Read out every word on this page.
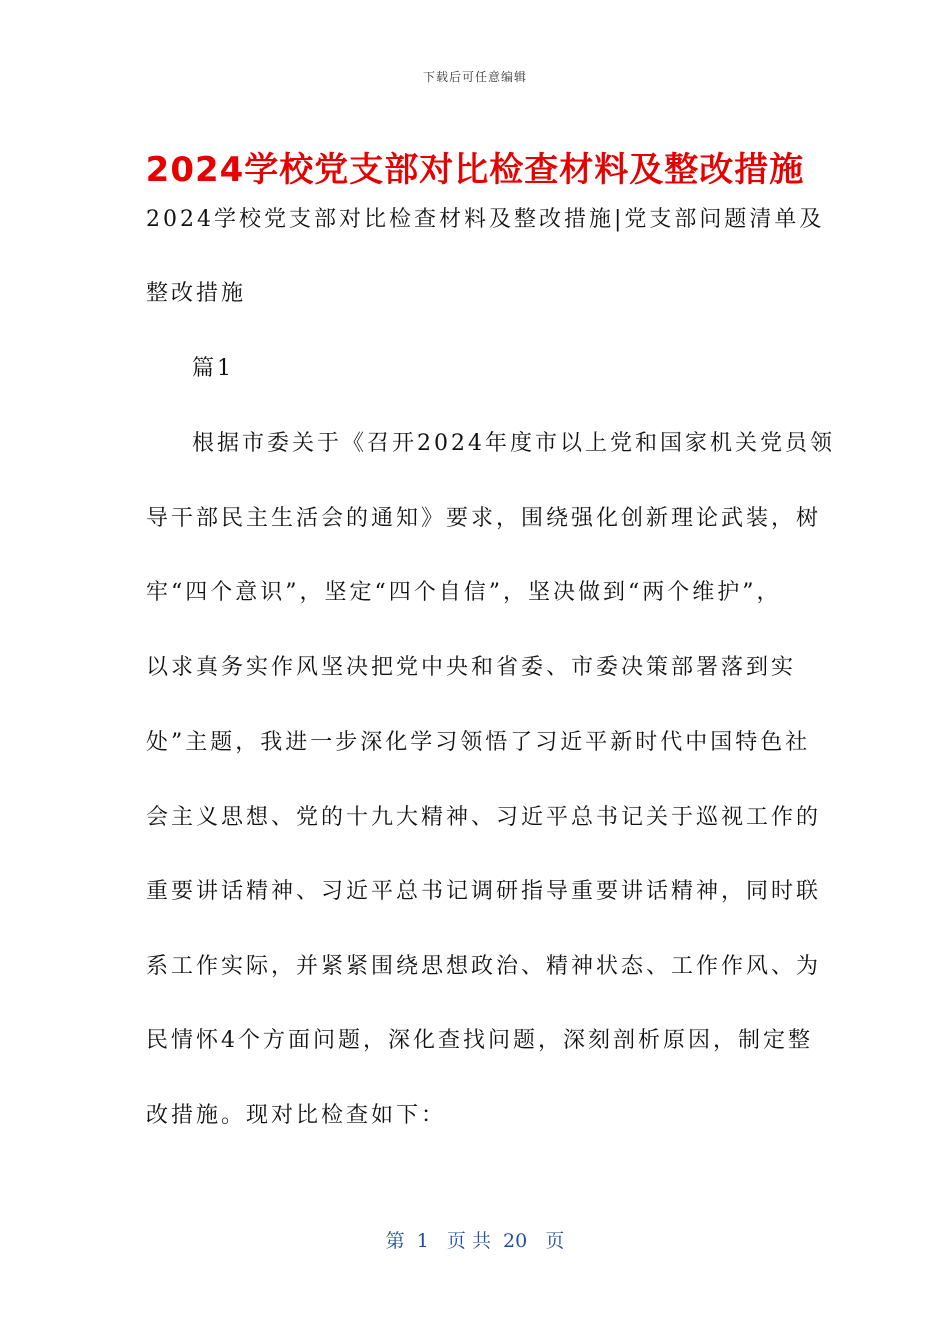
下载后可任意编辑
2024学校党支部对比检查材料及整改措施
2024学校党支部对比检查材料及整改措施|党支部问题清单及
整改措施
篇1
根据市委关于《召开2024年度市以上党和国家机关党员领
导干部民主生活会的通知》要求，围绕强化创新理论武装，树
牢“四个意识”，坚定“四个自信”，坚决做到“两个维护”，
以求真务实作风坚决把党中央和省委、市委决策部署落到实
处”主题，我进一步深化学习领悟了习近平新时代中国特色社
会主义思想、党的十九大精神、习近平总书记关于巡视工作的
重要讲话精神、习近平总书记调研指导重要讲话精神，同时联
系工作实际，并紧紧围绕思想政治、精神状态、工作作风、为
民情怀4个方面问题，深化查找问题，深刻剖析原因，制定整
改措施。现对比检查如下：
第  1   页 共  20   页
